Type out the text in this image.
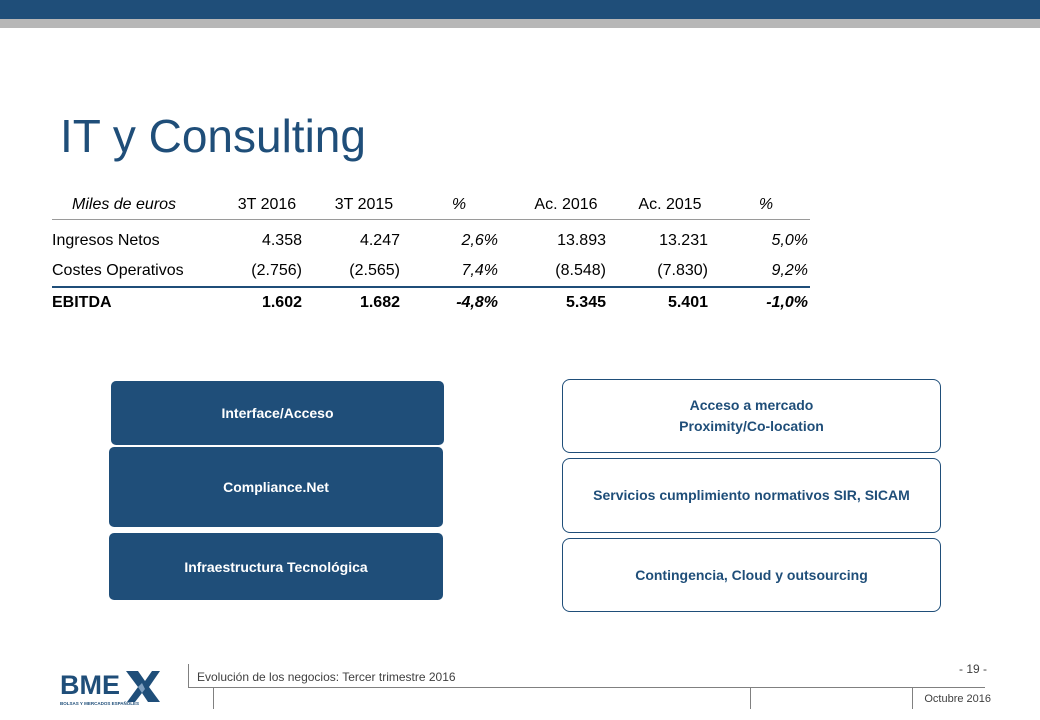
IT y Consulting
Miles de euros	3T 2016	3T 2015	%	Ac. 2016	Ac. 2015	%
Ingresos Netos	4.358	4.247	2,6%	13.893	13.231	5,0%
Costes Operativos	(2.756)	(2.565)	7,4%	(8.548)	(7.830)	9,2%
EBITDA	1.602	1.682	-4,8%	5.345	5.401	-1,0%
Interface/Acceso
Compliance.Net
Infraestructura Tecnológica
Acceso a mercado
Proximity/Co-location
Servicios cumplimiento normativos SIR, SICAM
Contingencia, Cloud y outsourcing
BME
BOLSAS Y MERCADOS ESPAÑOLES
Evolución de los negocios: Tercer trimestre 2016
- 19 -
Octubre 2016
